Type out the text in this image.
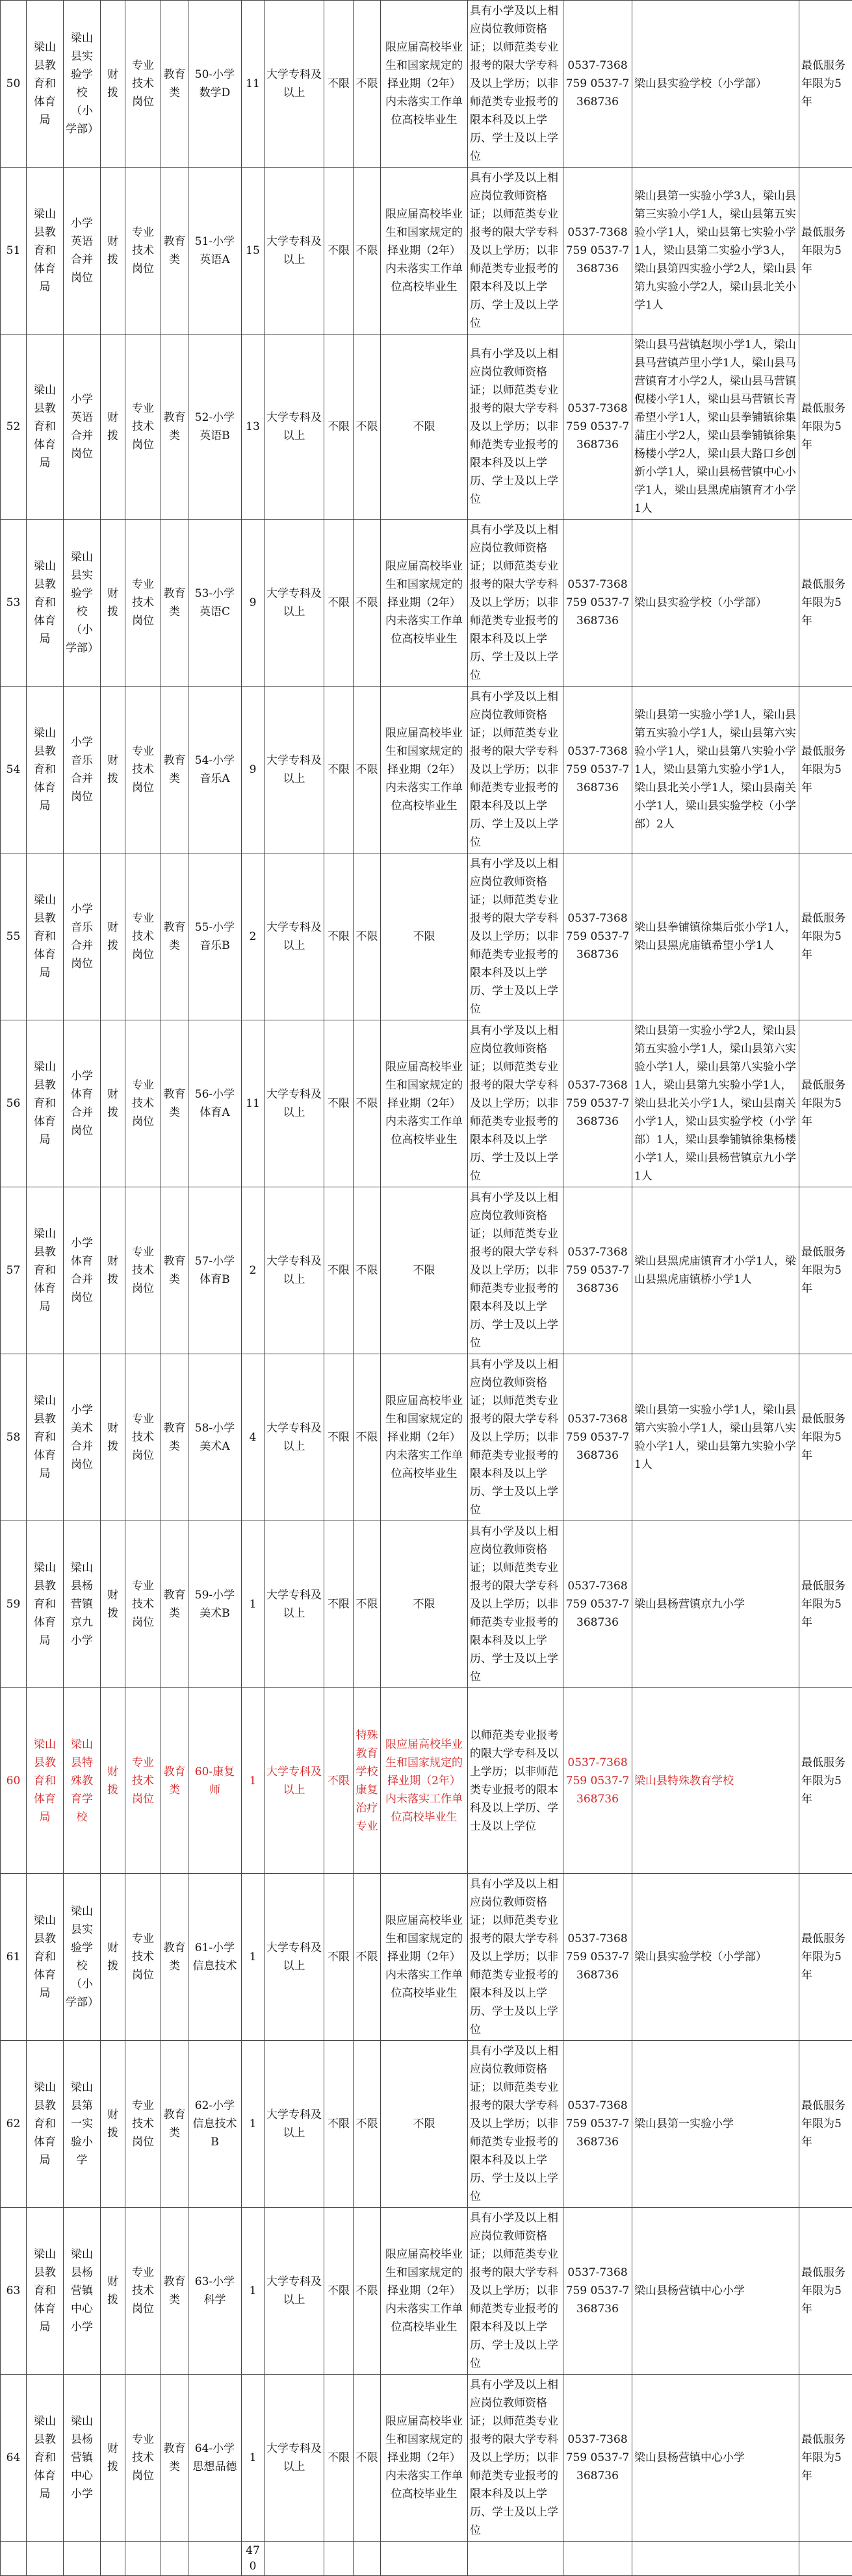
50	梁山县教育和体育局	梁山县实验学校（小学部）	财拨	专业技术岗位	教育类	50-小学数学D	11	大学专科及以上	不限	不限	限应届高校毕业生和国家规定的择业期（2年）内未落实工作单位高校毕业生	具有小学及以上相应岗位教师资格证；以师范类专业报考的限大学专科及以上学历；以非师范类专业报考的限本科及以上学历、学士及以上学位	0537-7368759 0537-7368736	梁山县实验学校（小学部）	最低服务年限为5年
51	梁山县教育和体育局	小学英语合并岗位	财拨	专业技术岗位	教育类	51-小学英语A	15	大学专科及以上	不限	不限	限应届高校毕业生和国家规定的择业期（2年）内未落实工作单位高校毕业生	具有小学及以上相应岗位教师资格证；以师范类专业报考的限大学专科及以上学历；以非师范类专业报考的限本科及以上学历、学士及以上学位	0537-7368759 0537-7368736	梁山县第一实验小学3人，梁山县第三实验小学1人，梁山县第五实验小学1人，梁山县第七实验小学1人，梁山县第二实验小学3人，梁山县第四实验小学2人，梁山县第九实验小学2人，梁山县北关小学1人	最低服务年限为5年
52	梁山县教育和体育局	小学英语合并岗位	财拨	专业技术岗位	教育类	52-小学英语B	13	大学专科及以上	不限	不限	不限	具有小学及以上相应岗位教师资格证；以师范类专业报考的限大学专科及以上学历；以非师范类专业报考的限本科及以上学历、学士及以上学位	0537-7368759 0537-7368736	梁山县马营镇赵坝小学1人，梁山县马营镇芦里小学1人，梁山县马营镇育才小学2人，梁山县马营镇倪楼小学1人，梁山县马营镇长青希望小学1人，梁山县拳铺镇徐集蒲庄小学2人，梁山县拳铺镇徐集杨楼小学2人，梁山县大路口乡创新小学1人，梁山县杨营镇中心小学1人，梁山县黑虎庙镇育才小学1人	最低服务年限为5年
53	梁山县教育和体育局	梁山县实验学校（小学部）	财拨	专业技术岗位	教育类	53-小学英语C	9	大学专科及以上	不限	不限	限应届高校毕业生和国家规定的择业期（2年）内未落实工作单位高校毕业生	具有小学及以上相应岗位教师资格证；以师范类专业报考的限大学专科及以上学历；以非师范类专业报考的限本科及以上学历、学士及以上学位	0537-7368759 0537-7368736	梁山县实验学校（小学部）	最低服务年限为5年
54	梁山县教育和体育局	小学音乐合并岗位	财拨	专业技术岗位	教育类	54-小学音乐A	9	大学专科及以上	不限	不限	限应届高校毕业生和国家规定的择业期（2年）内未落实工作单位高校毕业生	具有小学及以上相应岗位教师资格证；以师范类专业报考的限大学专科及以上学历；以非师范类专业报考的限本科及以上学历、学士及以上学位	0537-7368759 0537-7368736	梁山县第一实验小学1人，梁山县第五实验小学1人，梁山县第六实验小学1人，梁山县第八实验小学1人，梁山县第九实验小学1人，梁山县北关小学1人，梁山县南关小学1人，梁山县实验学校（小学部）2人	最低服务年限为5年
55	梁山县教育和体育局	小学音乐合并岗位	财拨	专业技术岗位	教育类	55-小学音乐B	2	大学专科及以上	不限	不限	不限	具有小学及以上相应岗位教师资格证；以师范类专业报考的限大学专科及以上学历；以非师范类专业报考的限本科及以上学历、学士及以上学位	0537-7368759 0537-7368736	梁山县拳铺镇徐集后张小学1人，梁山县黑虎庙镇希望小学1人	最低服务年限为5年
56	梁山县教育和体育局	小学体育合并岗位	财拨	专业技术岗位	教育类	56-小学体育A	11	大学专科及以上	不限	不限	限应届高校毕业生和国家规定的择业期（2年）内未落实工作单位高校毕业生	具有小学及以上相应岗位教师资格证；以师范类专业报考的限大学专科及以上学历；以非师范类专业报考的限本科及以上学历、学士及以上学位	0537-7368759 0537-7368736	梁山县第一实验小学2人，梁山县第五实验小学1人，梁山县第六实验小学1人，梁山县第八实验小学1人，梁山县第九实验小学1人，梁山县北关小学1人，梁山县南关小学1人，梁山县实验学校（小学部）1人，梁山县拳铺镇徐集杨楼小学1人，梁山县杨营镇京九小学1人	最低服务年限为5年
57	梁山县教育和体育局	小学体育合并岗位	财拨	专业技术岗位	教育类	57-小学体育B	2	大学专科及以上	不限	不限	不限	具有小学及以上相应岗位教师资格证；以师范类专业报考的限大学专科及以上学历；以非师范类专业报考的限本科及以上学历、学士及以上学位	0537-7368759 0537-7368736	梁山县黑虎庙镇育才小学1人，梁山县黑虎庙镇桥小学1人	最低服务年限为5年
58	梁山县教育和体育局	小学美术合并岗位	财拨	专业技术岗位	教育类	58-小学美术A	4	大学专科及以上	不限	不限	限应届高校毕业生和国家规定的择业期（2年）内未落实工作单位高校毕业生	具有小学及以上相应岗位教师资格证；以师范类专业报考的限大学专科及以上学历；以非师范类专业报考的限本科及以上学历、学士及以上学位	0537-7368759 0537-7368736	梁山县第一实验小学1人，梁山县第六实验小学1人，梁山县第八实验小学1人，梁山县第九实验小学1人	最低服务年限为5年
59	梁山县教育和体育局	梁山县杨营镇京九小学	财拨	专业技术岗位	教育类	59-小学美术B	1	大学专科及以上	不限	不限	不限	具有小学及以上相应岗位教师资格证；以师范类专业报考的限大学专科及以上学历；以非师范类专业报考的限本科及以上学历、学士及以上学位	0537-7368759 0537-7368736	梁山县杨营镇京九小学	最低服务年限为5年
60	梁山县教育和体育局	梁山县特殊教育学校	财拨	专业技术岗位	教育类	60-康复师	1	大学专科及以上	不限	特殊教育学校康复治疗专业	限应届高校毕业生和国家规定的择业期（2年）内未落实工作单位高校毕业生	以师范类专业报考的限大学专科及以上学历；以非师范类专业报考的限本科及以上学历、学士及以上学位	0537-7368759 0537-7368736	梁山县特殊教育学校	最低服务年限为5年
61	梁山县教育和体育局	梁山县实验学校（小学部）	财拨	专业技术岗位	教育类	61-小学信息技术	1	大学专科及以上	不限	不限	限应届高校毕业生和国家规定的择业期（2年）内未落实工作单位高校毕业生	具有小学及以上相应岗位教师资格证；以师范类专业报考的限大学专科及以上学历；以非师范类专业报考的限本科及以上学历、学士及以上学位	0537-7368759 0537-7368736	梁山县实验学校（小学部）	最低服务年限为5年
62	梁山县教育和体育局	梁山县第一实验小学	财拨	专业技术岗位	教育类	62-小学信息技术B	1	大学专科及以上	不限	不限	不限	具有小学及以上相应岗位教师资格证；以师范类专业报考的限大学专科及以上学历；以非师范类专业报考的限本科及以上学历、学士及以上学位	0537-7368759 0537-7368736	梁山县第一实验小学	最低服务年限为5年
63	梁山县教育和体育局	梁山县杨营镇中心小学	财拨	专业技术岗位	教育类	63-小学科学	1	大学专科及以上	不限	不限	限应届高校毕业生和国家规定的择业期（2年）内未落实工作单位高校毕业生	具有小学及以上相应岗位教师资格证；以师范类专业报考的限大学专科及以上学历；以非师范类专业报考的限本科及以上学历、学士及以上学位	0537-7368759 0537-7368736	梁山县杨营镇中心小学	最低服务年限为5年
64	梁山县教育和体育局	梁山县杨营镇中心小学	财拨	专业技术岗位	教育类	64-小学思想品德	1	大学专科及以上	不限	不限	限应届高校毕业生和国家规定的择业期（2年）内未落实工作单位高校毕业生	具有小学及以上相应岗位教师资格证；以师范类专业报考的限大学专科及以上学历；以非师范类专业报考的限本科及以上学历、学士及以上学位	0537-7368759 0537-7368736	梁山县杨营镇中心小学	最低服务年限为5年
							470								
